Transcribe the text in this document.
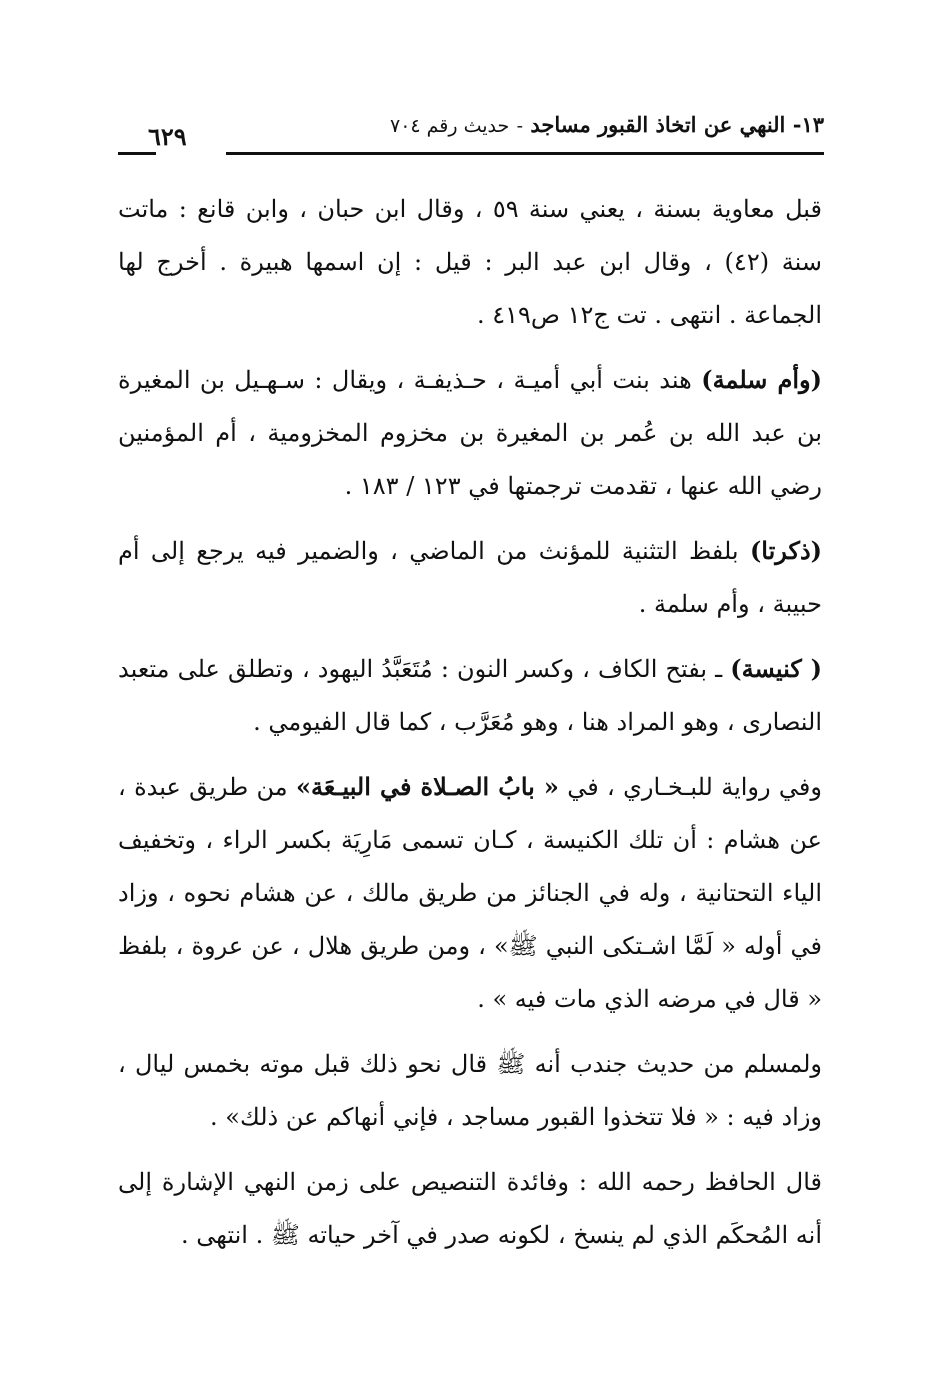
١٣- النهي عن اتخاذ القبور مساجد - حديث رقم ٧٠٤
٦٢٩

قبل معاوية بسنة ، يعني سنة ٥٩ ، وقال ابن حبان ، وابن قانع : ماتت سنة (٤٢) ، وقال ابن عبد البر : قيل : إن اسمها هبيرة . أخرج لها الجماعة . انتهى . تت ج١٢ ص٤١٩ .

(وأم سلمة) هند بنت أبي أميـة ، حـذيفـة ، ويقال : سـهـيل بن المغيرة بن عبد الله بن عُمر بن المغيرة بن مخزوم المخزومية ، أم المؤمنين رضي الله عنها ، تقدمت ترجمتها في ١٢٣ / ١٨٣ .

(ذكرتا) بلفظ التثنية للمؤنث من الماضي ، والضمير فيه يرجع إلى أم حبيبة ، وأم سلمة .

( كنيسة) ـ بفتح الكاف ، وكسر النون : مُتَعَبَّدُ اليهود ، وتطلق على متعبد النصارى ، وهو المراد هنا ، وهو مُعَرَّب ، كما قال الفيومي .

وفي رواية للبـخـاري ، في « بابُ الصـلاة في البيـعَة» من طريق عبدة ، عن هشام : أن تلك الكنيسة ، كـان تسمى مَارِيَة بكسر الراء ، وتخفيف الياء التحتانية ، وله في الجنائز من طريق مالك ، عن هشام نحوه ، وزاد في أوله « لَمَّا اشـتكى النبي ﷺ» ، ومن طريق هلال ، عن عروة ، بلفظ « قال في مرضه الذي مات فيه » .

ولمسلم من حديث جندب أنه ﷺ قال نحو ذلك قبل موته بخمس ليال ، وزاد فيه : « فلا تتخذوا القبور مساجد ، فإني أنهاكم عن ذلك» .

قال الحافظ رحمه الله : وفائدة التنصيص على زمن النهي الإشارة إلى أنه المُحكَم الذي لم ينسخ ، لكونه صدر في آخر حياته ﷺ . انتهى .
